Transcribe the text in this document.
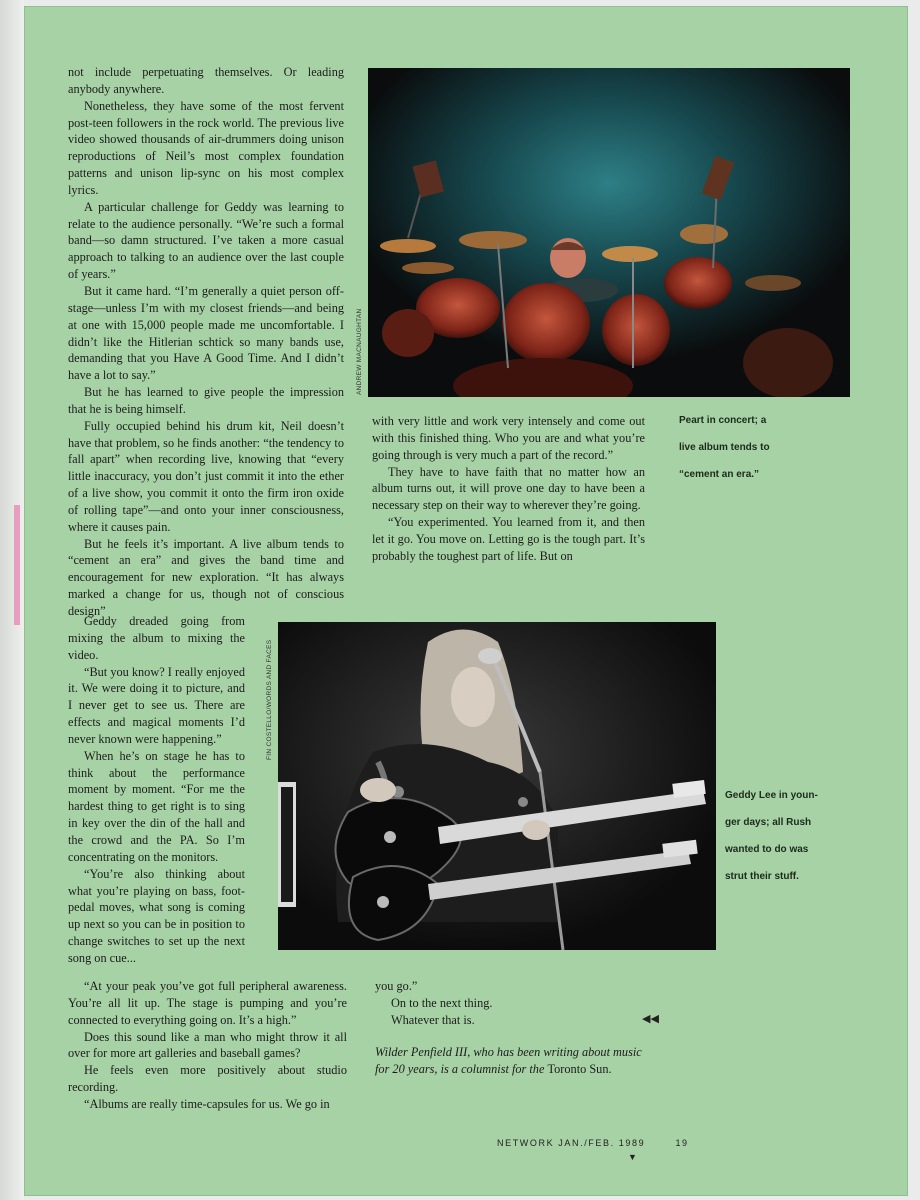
not include perpetuating themselves. Or leading anybody anywhere.

Nonetheless, they have some of the most fervent post-teen followers in the rock world. The previous live video showed thousands of air-drummers doing unison reproductions of Neil’s most complex foundation patterns and unison lip-sync on his most complex lyrics.

A particular challenge for Geddy was learning to relate to the audience personally. “We’re such a formal band—so damn structured. I’ve taken a more casual approach to talking to an audience over the last couple of years.”

But it came hard. “I’m generally a quiet person off-stage—unless I’m with my closest friends—and being at one with 15,000 people made me uncomfortable. I didn’t like the Hitlerian schtick so many bands use, demanding that you Have A Good Time. And I didn’t have a lot to say.”

But he has learned to give people the impression that he is being himself.

Fully occupied behind his drum kit, Neil doesn’t have that problem, so he finds another: “the tendency to fall apart” when recording live, knowing that “every little inaccuracy, you don’t just commit it into the ether of a live show, you commit it onto the firm iron oxide of rolling tape”—and onto your inner consciousness, where it causes pain.

But he feels it’s important. A live album tends to “cement an era” and gives the band time and encouragement for new exploration. “It has always marked a change for us, though not of conscious design”

Geddy dreaded going from mixing the album to mixing the video.

“But you know? I really enjoyed it. We were doing it to picture, and I never get to see us. There are effects and magical moments I’d never known were happening.”

When he’s on stage he has to think about the performance moment by moment. “For me the hardest thing to get right is to sing in key over the din of the hall and the crowd and the PA. So I’m concentrating on the monitors.

“You’re also thinking about what you’re playing on bass, foot-pedal moves, what song is coming up next so you can be in position to change switches to set up the next song on cue...

“At your peak you’ve got full peripheral awareness. You’re all lit up. The stage is pumping and you’re connected to everything going on. It’s a high.”

Does this sound like a man who might throw it all over for more art galleries and baseball games?

He feels even more positively about studio recording.

“Albums are really time-capsules for us. We go in

with very little and work very intensely and come out with this finished thing. Who you are and what you’re going through is very much a part of the record.”

They have to have faith that no matter how an album turns out, it will prove one day to have been a necessary step on their way to wherever they’re going.

“You experimented. You learned from it, and then let it go. You move on. Letting go is the tough part. It’s probably the toughest part of life. But on

you go.”
On to the next thing.
Whatever that is.	◀◀
Wilder Penfield III, who has been writing about music for 20 years, is a columnist for the Toronto Sun.
ANDREW MACNAUGHTAN
Peart in concert; a
live album tends to
“cement an era.”
FIN COSTELLO/WORDS AND FACES
Geddy Lee in youn-
ger days; all Rush
wanted to do was
strut their stuff.
NETWORK JAN./FEB. 1989	19
▼
